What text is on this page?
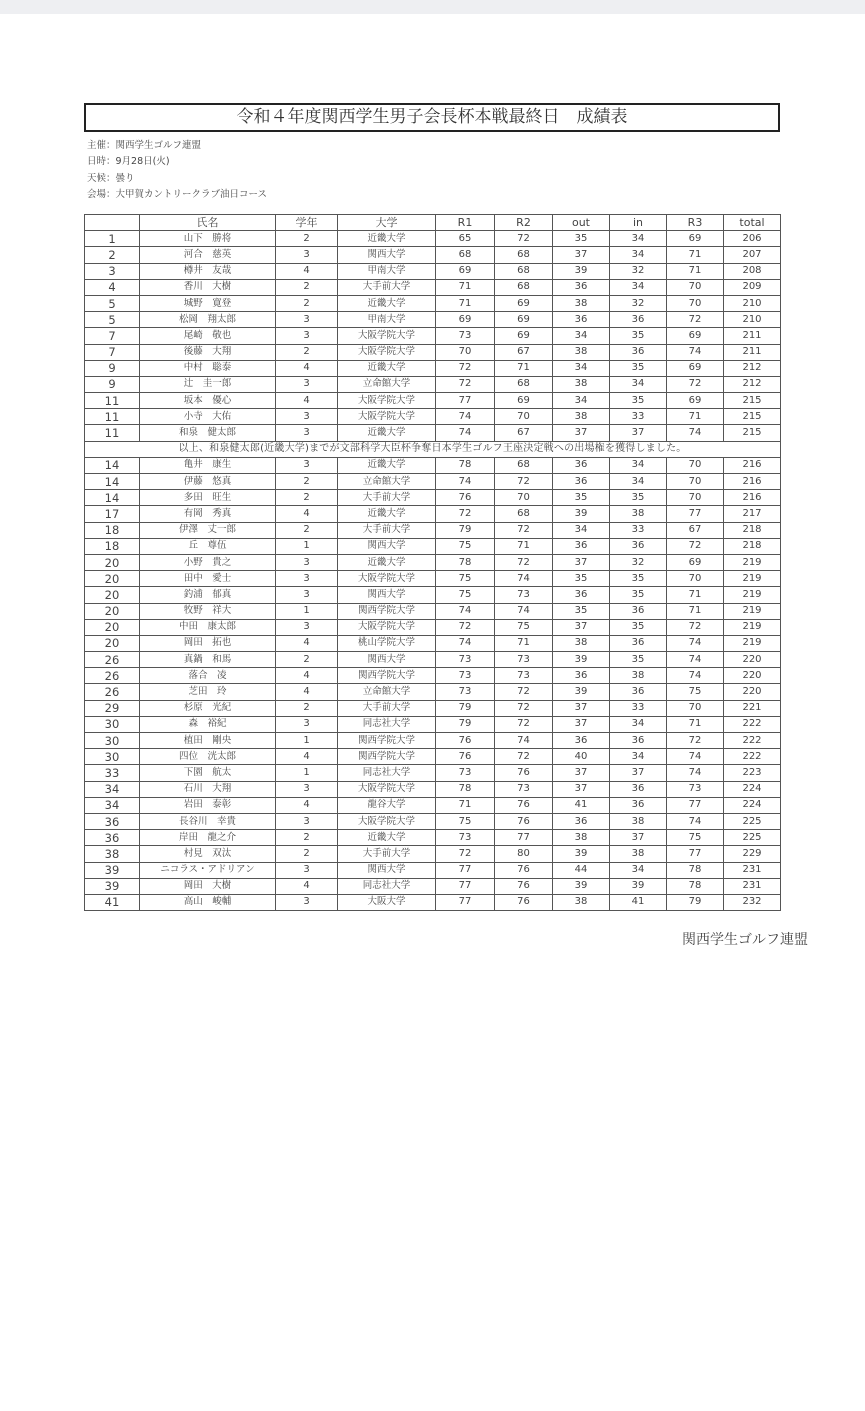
令和４年度関西学生男子会長杯本戦最終日　成績表
主催：関西学生ゴルフ連盟
日時：9月28日(火)
天候：曇り
会場：大甲賀カントリークラブ油日コース
	氏名	学年	大学	R1	R2	out	in	R3	total
1	山下　勝将	2	近畿大学	65	72	35	34	69	206
2	河合　慈英	3	関西大学	68	68	37	34	71	207
3	樽井　友哉	4	甲南大学	69	68	39	32	71	208
4	香川　大樹	2	大手前大学	71	68	36	34	70	209
5	城野　寛登	2	近畿大学	71	69	38	32	70	210
5	松岡　翔太郎	3	甲南大学	69	69	36	36	72	210
7	尾崎　敬也	3	大阪学院大学	73	69	34	35	69	211
7	後藤　大翔	2	大阪学院大学	70	67	38	36	74	211
9	中村　聡泰	4	近畿大学	72	71	34	35	69	212
9	辻　圭一郎	3	立命館大学	72	68	38	34	72	212
11	坂本　優心	4	大阪学院大学	77	69	34	35	69	215
11	小寺　大佑	3	大阪学院大学	74	70	38	33	71	215
11	和泉　健太郎	3	近畿大学	74	67	37	37	74	215
以上、和泉健太郎(近畿大学)までが文部科学大臣杯争奪日本学生ゴルフ王座決定戦への出場権を獲得しました。									
14	亀井　康生	3	近畿大学	78	68	36	34	70	216
14	伊藤　悠真	2	立命館大学	74	72	36	34	70	216
14	多田　旺生	2	大手前大学	76	70	35	35	70	216
17	有岡　秀真	4	近畿大学	72	68	39	38	77	217
18	伊澤　丈一郎	2	大手前大学	79	72	34	33	67	218
18	丘　尊伍	1	関西大学	75	71	36	36	72	218
20	小野　貴之	3	近畿大学	78	72	37	32	69	219
20	田中　愛士	3	大阪学院大学	75	74	35	35	70	219
20	釣浦　郁真	3	関西大学	75	73	36	35	71	219
20	牧野　祥大	1	関西学院大学	74	74	35	36	71	219
20	中田　康太郎	3	大阪学院大学	72	75	37	35	72	219
20	岡田　拓也	4	桃山学院大学	74	71	38	36	74	219
26	真鍋　和馬	2	関西大学	73	73	39	35	74	220
26	落合　凌	4	関西学院大学	73	73	36	38	74	220
26	芝田　玲	4	立命館大学	73	72	39	36	75	220
29	杉原　光紀	2	大手前大学	79	72	37	33	70	221
30	森　裕紀	3	同志社大学	79	72	37	34	71	222
30	植田　剛央	1	関西学院大学	76	74	36	36	72	222
30	四位　洸太郎	4	関西学院大学	76	72	40	34	74	222
33	下園　航太	1	同志社大学	73	76	37	37	74	223
34	石川　大翔	3	大阪学院大学	78	73	37	36	73	224
34	岩田　泰彰	4	龍谷大学	71	76	41	36	77	224
36	長谷川　幸貴	3	大阪学院大学	75	76	36	38	74	225
36	岸田　龍之介	2	近畿大学	73	77	38	37	75	225
38	村見　双汰	2	大手前大学	72	80	39	38	77	229
39	ニコラス・アドリアン	3	関西大学	77	76	44	34	78	231
39	岡田　大樹	4	同志社大学	77	76	39	39	78	231
41	高山　峻輔	3	大阪大学	77	76	38	41	79	232
関西学生ゴルフ連盟
